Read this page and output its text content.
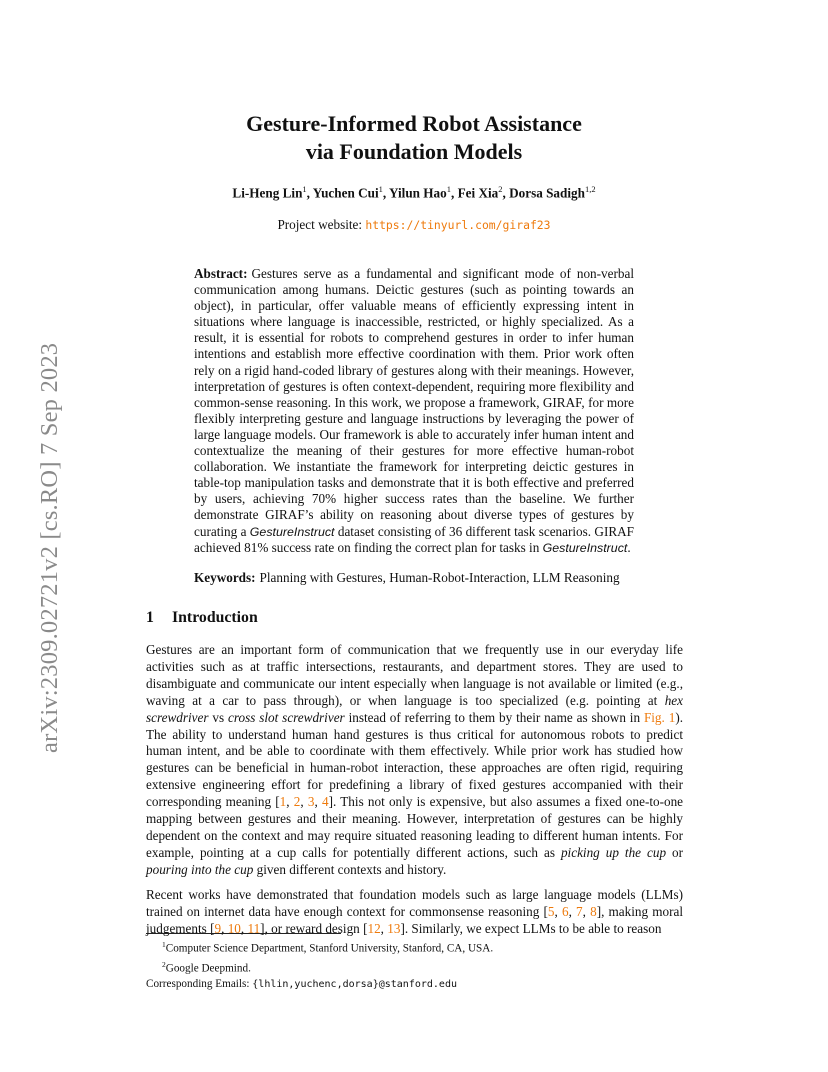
arXiv:2309.02721v2 [cs.RO] 7 Sep 2023
Gesture-Informed Robot Assistance
via Foundation Models
Li-Heng Lin$^1$, Yuchen Cui$^1$, Yilun Hao$^1$, Fei Xia$^2$, Dorsa Sadigh$^{1,2}$
Project website: https://tinyurl.com/giraf23

Abstract: Gestures serve as a fundamental and significant mode of non-verbal communication among humans. Deictic gestures (such as pointing towards an object), in particular, offer valuable means of efficiently expressing intent in situations where language is inaccessible, restricted, or highly specialized. As a result, it is essential for robots to comprehend gestures in order to infer human intentions and establish more effective coordination with them. Prior work often rely on a rigid hand-coded library of gestures along with their meanings. However, interpretation of gestures is often context-dependent, requiring more flexibility and common-sense reasoning. In this work, we propose a framework, GIRAF, for more flexibly interpreting gesture and language instructions by leveraging the power of large language models. Our framework is able to accurately infer human intent and contextualize the meaning of their gestures for more effective human-robot collaboration. We instantiate the framework for interpreting deictic gestures in table-top manipulation tasks and demonstrate that it is both effective and preferred by users, achieving 70% higher success rates than the baseline. We further demonstrate GIRAF’s ability on reasoning about diverse types of gestures by curating a GestureInstruct dataset consisting of 36 different task scenarios. GIRAF achieved 81% success rate on finding the correct plan for tasks in GestureInstruct.

Keywords: Planning with Gestures, Human-Robot-Interaction, LLM Reasoning

1 Introduction

Gestures are an important form of communication that we frequently use in our everyday life activities such as at traffic intersections, restaurants, and department stores. They are used to disambiguate and communicate our intent especially when language is not available or limited (e.g., waving at a car to pass through), or when language is too specialized (e.g. pointing at hex screwdriver vs cross slot screwdriver instead of referring to them by their name as shown in Fig. 1). The ability to understand human hand gestures is thus critical for autonomous robots to predict human intent, and be able to coordinate with them effectively. While prior work has studied how gestures can be beneficial in human-robot interaction, these approaches are often rigid, requiring extensive engineering effort for predefining a library of fixed gestures accompanied with their corresponding meaning [1, 2, 3, 4]. This not only is expensive, but also assumes a fixed one-to-one mapping between gestures and their meaning. However, interpretation of gestures can be highly dependent on the context and may require situated reasoning leading to different human intents. For example, pointing at a cup calls for potentially different actions, such as picking up the cup or pouring into the cup given different contexts and history.

Recent works have demonstrated that foundation models such as large language models (LLMs) trained on internet data have enough context for commonsense reasoning [5, 6, 7, 8], making moral judgements [9, 10, 11], or reward design [12, 13]. Similarly, we expect LLMs to be able to reason

$^1$Computer Science Department, Stanford University, Stanford, CA, USA.
$^2$Google Deepmind.
Corresponding Emails: {lhlin,yuchenc,dorsa}@stanford.edu
